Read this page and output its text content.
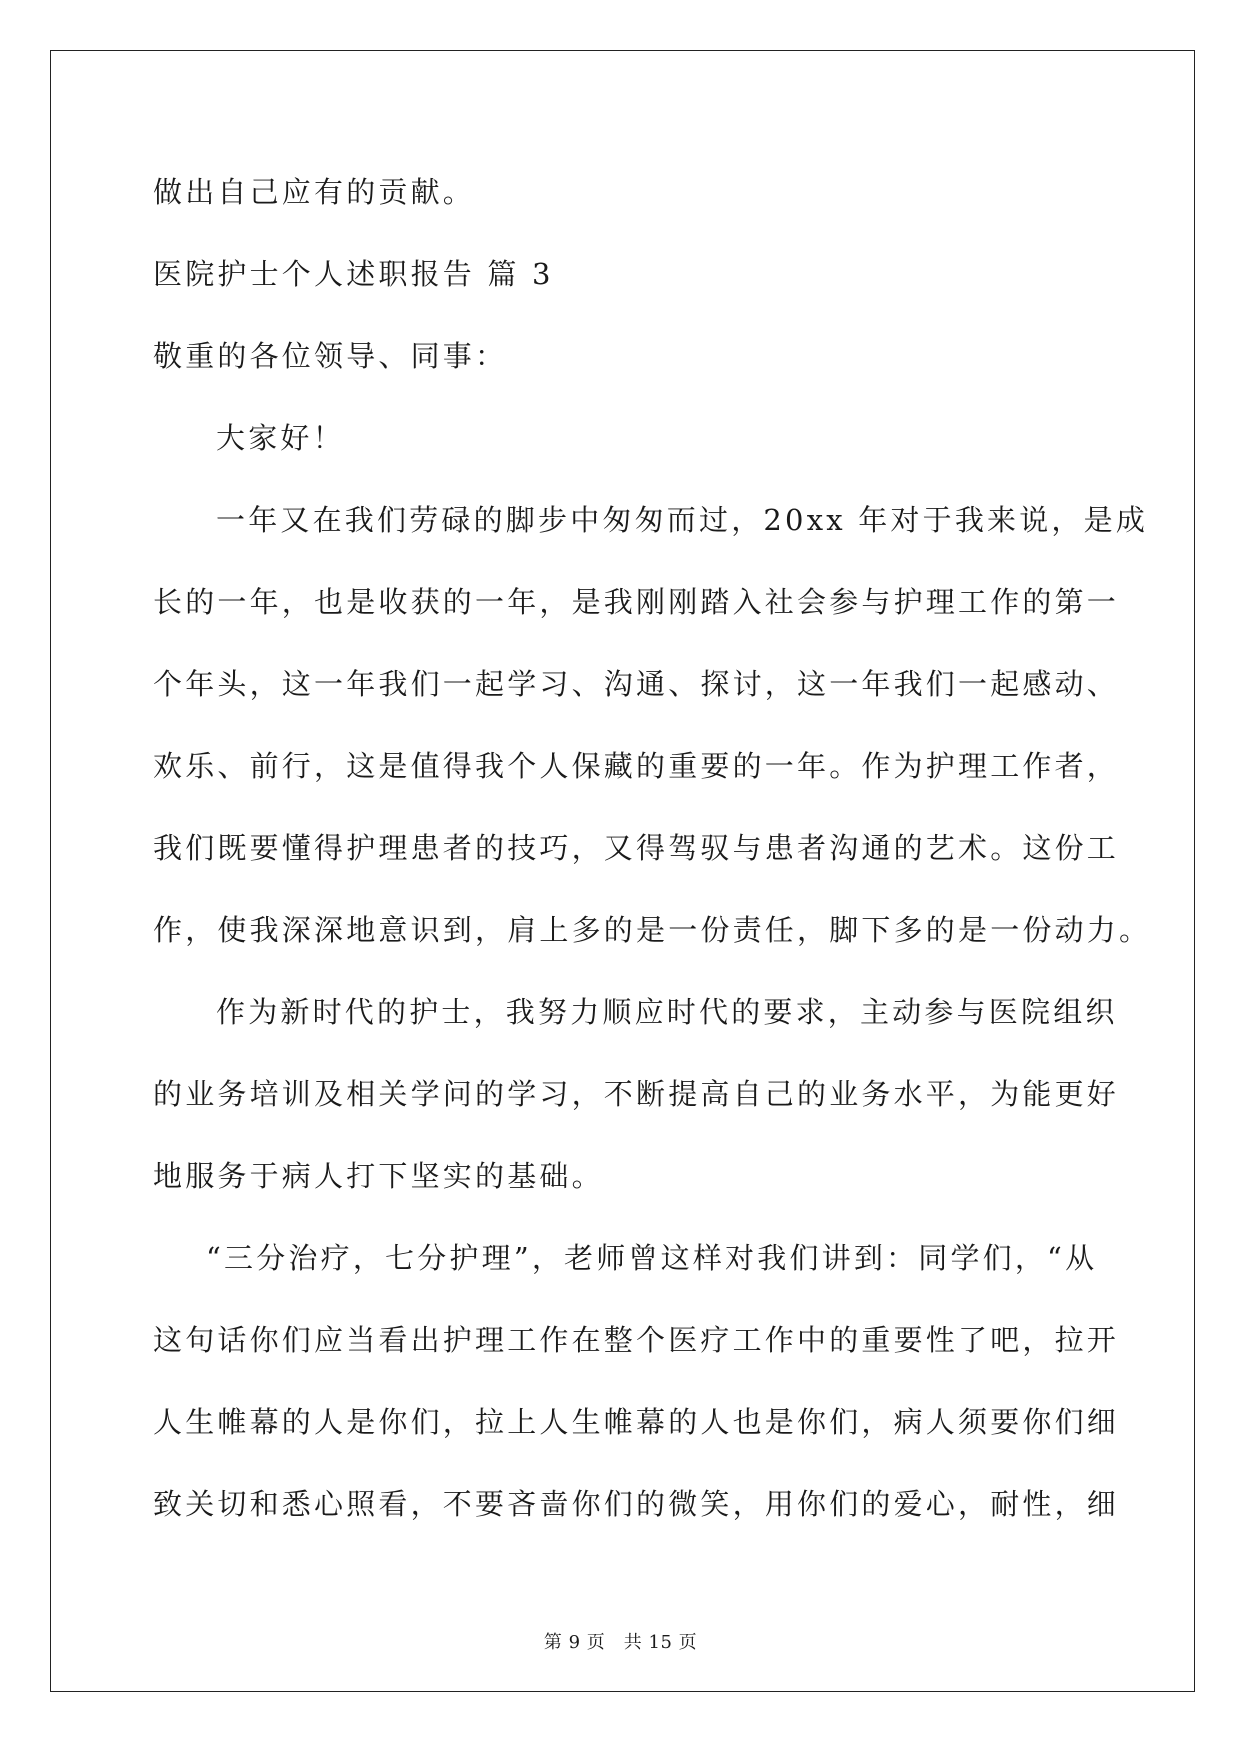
做出自己应有的贡献。

医院护士个人述职报告 篇 3

敬重的各位领导、同事：

大家好！

一年又在我们劳碌的脚步中匆匆而过，20xx 年对于我来说，是成

长的一年，也是收获的一年，是我刚刚踏入社会参与护理工作的第一

个年头，这一年我们一起学习、沟通、探讨，这一年我们一起感动、

欢乐、前行，这是值得我个人保藏的重要的一年。作为护理工作者，

我们既要懂得护理患者的技巧，又得驾驭与患者沟通的艺术。这份工

作，使我深深地意识到，肩上多的是一份责任，脚下多的是一份动力。

作为新时代的护士，我努力顺应时代的要求，主动参与医院组织

的业务培训及相关学问的学习，不断提高自己的业务水平，为能更好

地服务于病人打下坚实的基础。

“三分治疗，七分护理”，老师曾这样对我们讲到：同学们，“从

这句话你们应当看出护理工作在整个医疗工作中的重要性了吧，拉开

人生帷幕的人是你们，拉上人生帷幕的人也是你们，病人须要你们细

致关切和悉心照看，不要吝啬你们的微笑，用你们的爱心，耐性，细

第 9 页　共 15 页
